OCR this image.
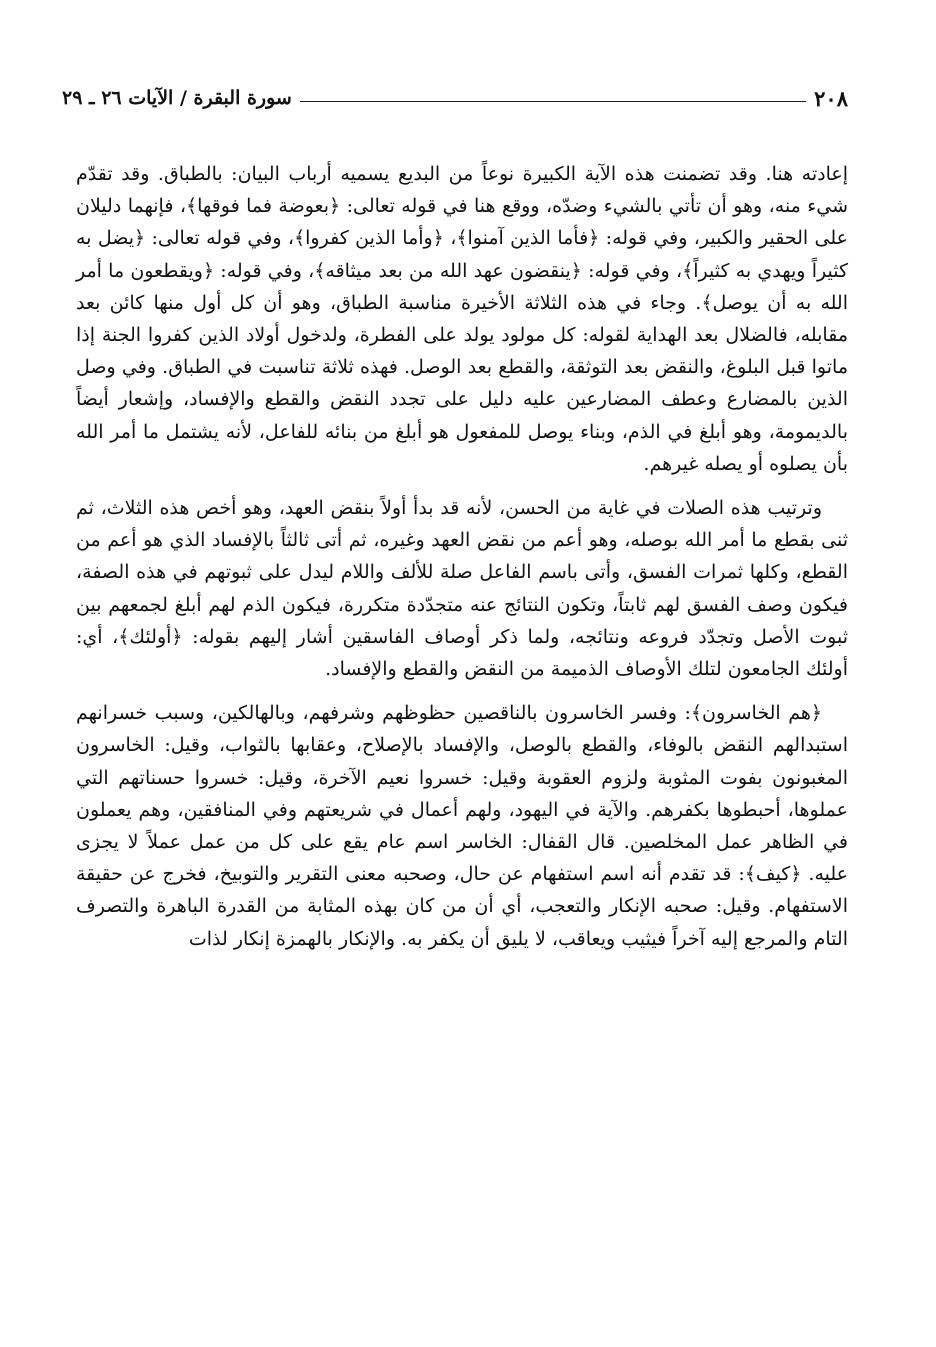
٢٠٨
سورة البقرة / الآيات ٢٦ ـ ٢٩

إعادته هنا. وقد تضمنت هذه الآية الكبيرة نوعاً من البديع يسميه أرباب البيان: بالطباق. وقد تقدّم شيء منه، وهو أن تأتي بالشيء وضدّه، ووقع هنا في قوله تعالى: ﴿بعوضة فما فوقها﴾، فإنهما دليلان على الحقير والكبير، وفي قوله: ﴿فأما الذين آمنوا﴾، ﴿وأما الذين كفروا﴾، وفي قوله تعالى: ﴿يضل به كثيراً ويهدي به كثيراً﴾، وفي قوله: ﴿ينقضون عهد الله من بعد ميثاقه﴾، وفي قوله: ﴿ويقطعون ما أمر الله به أن يوصل﴾. وجاء في هذه الثلاثة الأخيرة مناسبة الطباق، وهو أن كل أول منها كائن بعد مقابله، فالضلال بعد الهداية لقوله: كل مولود يولد على الفطرة، ولدخول أولاد الذين كفروا الجنة إذا ماتوا قبل البلوغ، والنقض بعد التوثقة، والقطع بعد الوصل. فهذه ثلاثة تناسبت في الطباق. وفي وصل الذين بالمضارع وعطف المضارعين عليه دليل على تجدد النقض والقطع والإفساد، وإشعار أيضاً بالديمومة، وهو أبلغ في الذم، وبناء يوصل للمفعول هو أبلغ من بنائه للفاعل، لأنه يشتمل ما أمر الله بأن يصلوه أو يصله غيرهم.

وترتيب هذه الصلات في غاية من الحسن، لأنه قد بدأ أولاً بنقض العهد، وهو أخص هذه الثلاث، ثم ثنى بقطع ما أمر الله بوصله، وهو أعم من نقض العهد وغيره، ثم أتى ثالثاً بالإفساد الذي هو أعم من القطع، وكلها ثمرات الفسق، وأتى باسم الفاعل صلة للألف واللام ليدل على ثبوتهم في هذه الصفة، فيكون وصف الفسق لهم ثابتاً، وتكون النتائج عنه متجدّدة متكررة، فيكون الذم لهم أبلغ لجمعهم بين ثبوت الأصل وتجدّد فروعه ونتائجه، ولما ذكر أوصاف الفاسقين أشار إليهم بقوله: ﴿أولئك﴾، أي: أولئك الجامعون لتلك الأوصاف الذميمة من النقض والقطع والإفساد.

﴿هم الخاسرون﴾: وفسر الخاسرون بالناقصين حظوظهم وشرفهم، وبالهالكين، وسبب خسرانهم استبدالهم النقض بالوفاء، والقطع بالوصل، والإفساد بالإصلاح، وعقابها بالثواب، وقيل: الخاسرون المغبونون بفوت المثوبة ولزوم العقوبة وقيل: خسروا نعيم الآخرة، وقيل: خسروا حسناتهم التي عملوها، أحبطوها بكفرهم. والآية في اليهود، ولهم أعمال في شريعتهم وفي المنافقين، وهم يعملون في الظاهر عمل المخلصين. قال القفال: الخاسر اسم عام يقع على كل من عمل عملاً لا يجزى عليه. ﴿كيف﴾: قد تقدم أنه اسم استفهام عن حال، وصحبه معنى التقرير والتوبيخ، فخرج عن حقيقة الاستفهام. وقيل: صحبه الإنكار والتعجب، أي أن من كان بهذه المثابة من القدرة الباهرة والتصرف التام والمرجع إليه آخراً فيثيب ويعاقب، لا يليق أن يكفر به. والإنكار بالهمزة إنكار لذات
